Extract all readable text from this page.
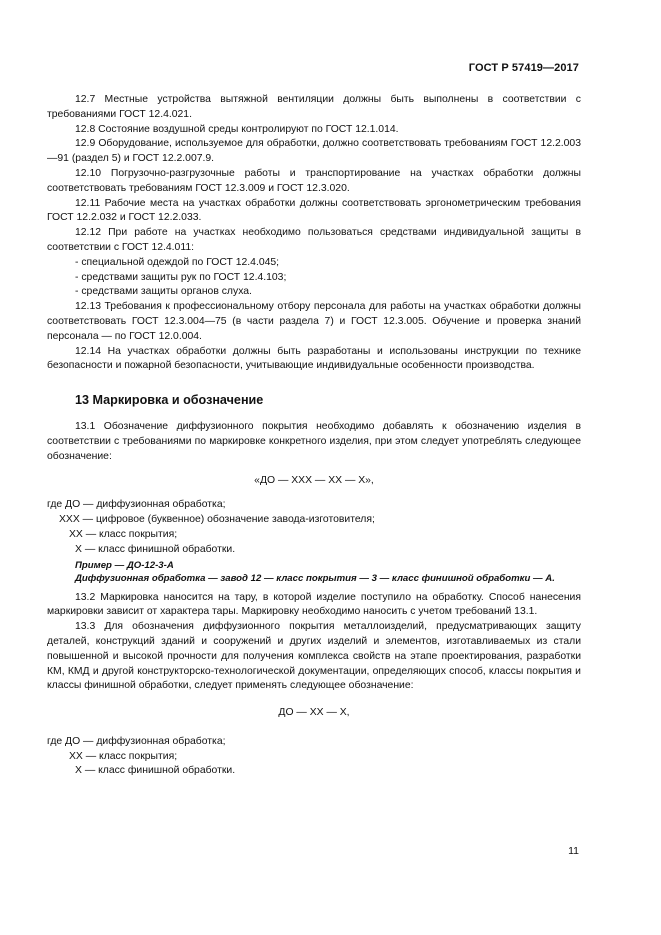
ГОСТ Р 57419—2017

12.7 Местные устройства вытяжной вентиляции должны быть выполнены в соответствии с требованиями ГОСТ 12.4.021.

12.8 Состояние воздушной среды контролируют по ГОСТ 12.1.014.

12.9 Оборудование, используемое для обработки, должно соответствовать требованиям ГОСТ 12.2.003—91 (раздел 5) и ГОСТ 12.2.007.9.

12.10 Погрузочно-разгрузочные работы и транспортирование на участках обработки должны соответствовать требованиям ГОСТ 12.3.009 и ГОСТ 12.3.020.

12.11 Рабочие места на участках обработки должны соответствовать эргонометрическим требования ГОСТ 12.2.032 и ГОСТ 12.2.033.

12.12 При работе на участках необходимо пользоваться средствами индивидуальной защиты в соответствии с ГОСТ 12.4.011:

- специальной одеждой по ГОСТ 12.4.045;

- средствами защиты рук по ГОСТ 12.4.103;

- средствами защиты органов слуха.

12.13 Требования к профессиональному отбору персонала для работы на участках обработки должны соответствовать ГОСТ 12.3.004—75 (в части раздела 7) и ГОСТ 12.3.005. Обучение и проверка знаний персонала — по ГОСТ 12.0.004.

12.14 На участках обработки должны быть разработаны и использованы инструкции по технике безопасности и пожарной безопасности, учитывающие индивидуальные особенности производства.

13 Маркировка и обозначение

13.1 Обозначение диффузионного покрытия необходимо добавлять к обозначению изделия в соответствии с требованиями по маркировке конкретного изделия, при этом следует употреблять следующее обозначение:

«ДО — XXX — XX — X»,

где ДО — диффузионная обработка;

XXX — цифровое (буквенное) обозначение завода-изготовителя;

XX — класс покрытия;

X — класс финишной обработки.

Пример — ДО-12-3-А

Диффузионная обработка — завод 12 — класс покрытия — 3 — класс финишной обработки — А.

13.2 Маркировка наносится на тару, в которой изделие поступило на обработку. Способ нанесения маркировки зависит от характера тары. Маркировку необходимо наносить с учетом требований 13.1.

13.3 Для обозначения диффузионного покрытия металлоизделий, предусматривающих защиту деталей, конструкций зданий и сооружений и других изделий и элементов, изготавливаемых из стали повышенной и высокой прочности для получения комплекса свойств на этапе проектирования, разработки КМ, КМД и другой конструкторско-технологической документации, определяющих способ, классы покрытия и классы финишной обработки, следует применять следующее обозначение:

ДО — XX — X,

где ДО — диффузионная обработка;

XX — класс покрытия;

X — класс финишной обработки.

11
